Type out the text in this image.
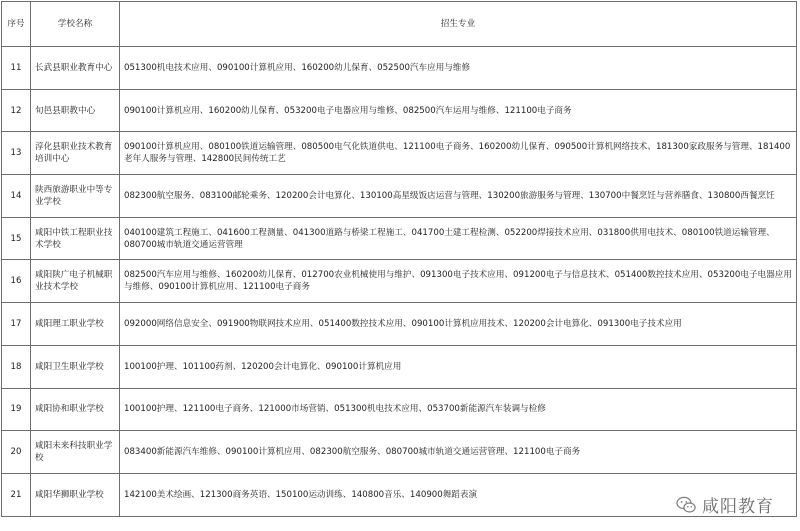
序号	学校名称	招生专业
11	长武县职业教育中心	051300机电技术应用、090100计算机应用、160200幼儿保育、052500汽车应用与维修
12	旬邑县职教中心	090100计算机应用、160200幼儿保育、053200电子电器应用与维修、082500汽车运用与维修、121100电子商务
13	淳化县职业技术教育培训中心	090100计算机应用、080100铁道运输管理、080500电气化铁道供电、121100电子商务、160200幼儿保育、090500计算机网络技术、181300家政服务与管理、181400老年人服务与管理、142800民间传统工艺
14	陕西旅游职业中等专业学校	082300航空服务、083100邮轮乘务、120200会计电算化、130100高星级饭店运营与管理、130200旅游服务与管理、130700中餐烹饪与营养膳食、130800西餐烹饪
15	咸阳中铁工程职业技术学校	040100建筑工程施工、041600工程测量、041300道路与桥梁工程施工、041700土建工程检测、052200焊接技术应用、031800供用电技术、080100铁道运输管理、080700城市轨道交通运营管理
16	咸阳陕广电子机械职业技术学校	082500汽车应用与维修、160200幼儿保育、012700农业机械使用与维护、091300电子技术应用、091200电子与信息技术、051400数控技术应用、053200电子电器应用与维修、090100计算机应用、121100电子商务
17	咸阳理工职业学校	092000网络信息安全、091900物联网技术应用、051400数控技术应用、090100计算机应用技术、120200会计电算化、091300电子技术应用
18	咸阳卫生职业学校	100100护理、101100药剂、120200会计电算化、090100计算机应用
19	咸阳协和职业学校	100100护理、121100电子商务、121000市场营销、051300机电技术应用、053700新能源汽车装调与检修
20	咸阳未来科技职业学校	083400新能源汽车维修、090100计算机应用、082300航空服务、080700城市轨道交通运营管理、121100电子商务
21	咸阳华狮职业学校	142100美术绘画、121300商务英语、150100运动训练、140800音乐、140900舞蹈表演
咸阳教育
